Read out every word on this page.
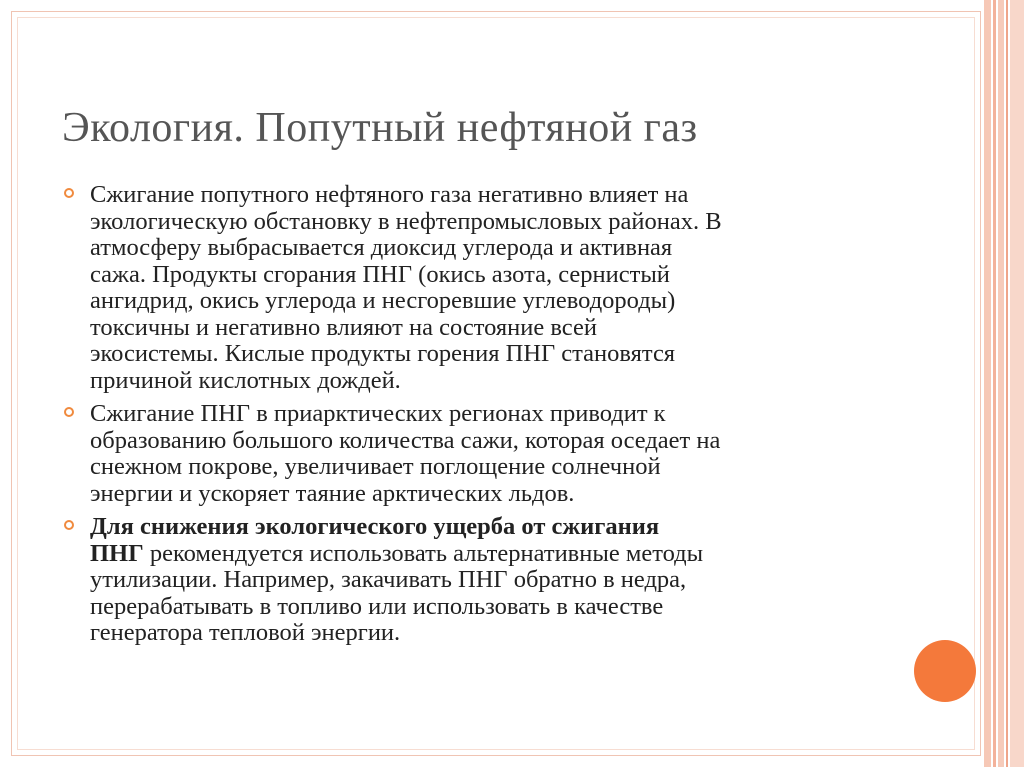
Экология. Попутный нефтяной газ
Сжигание попутного нефтяного газа негативно влияет на
экологическую обстановку в нефтепромысловых районах. В
атмосферу выбрасывается диоксид углерода и активная
сажа. Продукты сгорания ПНГ (окись азота, сернистый
ангидрид, окись углерода и несгоревшие углеводороды)
токсичны и негативно влияют на состояние всей
экосистемы. Кислые продукты горения ПНГ становятся
причиной кислотных дождей.
Сжигание ПНГ в приарктических регионах приводит к
образованию большого количества сажи, которая оседает на
снежном покрове, увеличивает поглощение солнечной
энергии и ускоряет таяние арктических льдов.
Для снижения экологического ущерба от сжигания
ПНГ рекомендуется использовать альтернативные методы
утилизации. Например, закачивать ПНГ обратно в недра,
перерабатывать в топливо или использовать в качестве
генератора тепловой энергии.
